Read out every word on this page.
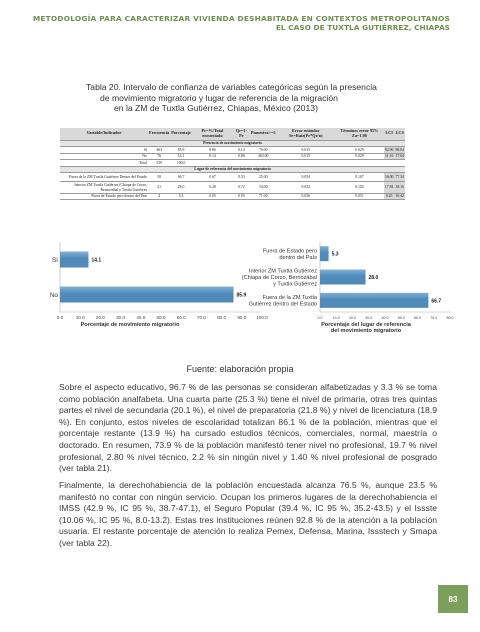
METODOLOGÍA PARA CARACTERIZAR VIVIENDA DESHABITADA EN CONTEXTOS METROPOLITANOS
EL CASO DE TUXTLA GUTIÉRREZ, CHIAPAS
Tabla 20. Intervalo de confianza de variables categóricas según la presencia
de movimiento migratorio y lugar de referencia de la migración
en la ZM de Tuxtla Gutiérrez, Chiapas, México (2013)
Variable/Indicador	Frecuencia	Porcentaje	Pr=%/Total encuestado	Qr=1-Pr	Pmuestra>=5	Error estándar Se=Raiz(Pr*Qr/n)	Términos error 95% Za=1.96	LCI	LCS
Presencia de movimiento migratorio									
Sí	463	85.9	0.86	0.14	76.00	0.015	0.029	82.96	88.84
No	76	14.1	0.14	0.86	463.00	0.015	0.029	11.16	17.04
Total	539	100.0							
Lugar de referencia del movimiento migratorio									
Fuera de la ZM Tuxtla Gutiérrez Dentro del Estado	50	66.7	0.67	0.33	25.00	0.054	0.107	56.00	77.34
Interior ZM Tuxtla Gutiérrez (Chiapa de Corzo, Berriozábal y Tuxtla Gutiérrez	21	28.0	0.28	0.72	54.00	0.052	0.102	17.84	38.16
Fuera de Estado pero dentro del País	4	5.3	0.05	0.95	71.00	0.026	0.051	0.25	10.42
Sí	14.1
No	85.9
0.0	10.0 20.0 30.0 40.0 50.0 60.0 70.0 80.0 90.0 100.0
Porcentaje de movimiento migratorio
5.3
Fuera de Estado pero dentro del País
28.0
Interior ZM Tuxtla Gutiérrez (Chiapa de Corzo, Berriozábal y Tuxtla Gutiérrez
66.7
Fuera de la ZM Tuxtla Gutiérrez dentro del Estado
0.0	10.0	20.0	30.0	40.0	50.0	60.0	70.0	80.0
Porcentaje del lugar de referencia del movimiento migratorio
Fuente: elaboración propia

Sobre el aspecto educativo, 96.7 % de las personas se consideran alfabetizadas y 3.3 % se toma como población analfabeta. Una cuarta parte (25.3 %) tiene el nivel de primaria, otras tres quintas partes el nivel de secundaria (20.1 %), el nivel de preparatoria (21.8 %) y nivel de licenciatura (18.9 %). En conjunto, estos niveles de escolaridad totalizan 86.1 % de la población, mientras que el porcentaje restante (13.9 %) ha cursado estudios técnicos, comerciales, normal, maestría o doctorado. En resumen, 73.9 % de la población manifestó tener nivel no profesional, 19.7 % nivel profesional, 2.80 % nivel técnico, 2.2 % sin ningún nivel y 1.40 % nivel profesional de posgrado (ver tabla 21).

Finalmente, la derechohabiencia de la población encuestada alcanza 76.5 %, aunque 23.5 % manifestó no contar con ningún servicio. Ocupan los primeros lugares de la derechohabiencia el IMSS (42.9 %, IC 95 %, 38.7-47.1), el Seguro Popular (39.4 %, IC 95 %, 35.2-43.5) y el Issste (10.06 %, IC 95 %, 8.0-13.2). Estas tres instituciones reúnen 92.8 % de la atención a la población usuaria. El restante porcentaje de atención lo realiza Pemex, Defensa, Marina, Issstech y Smapa (ver tabla 22).

83
